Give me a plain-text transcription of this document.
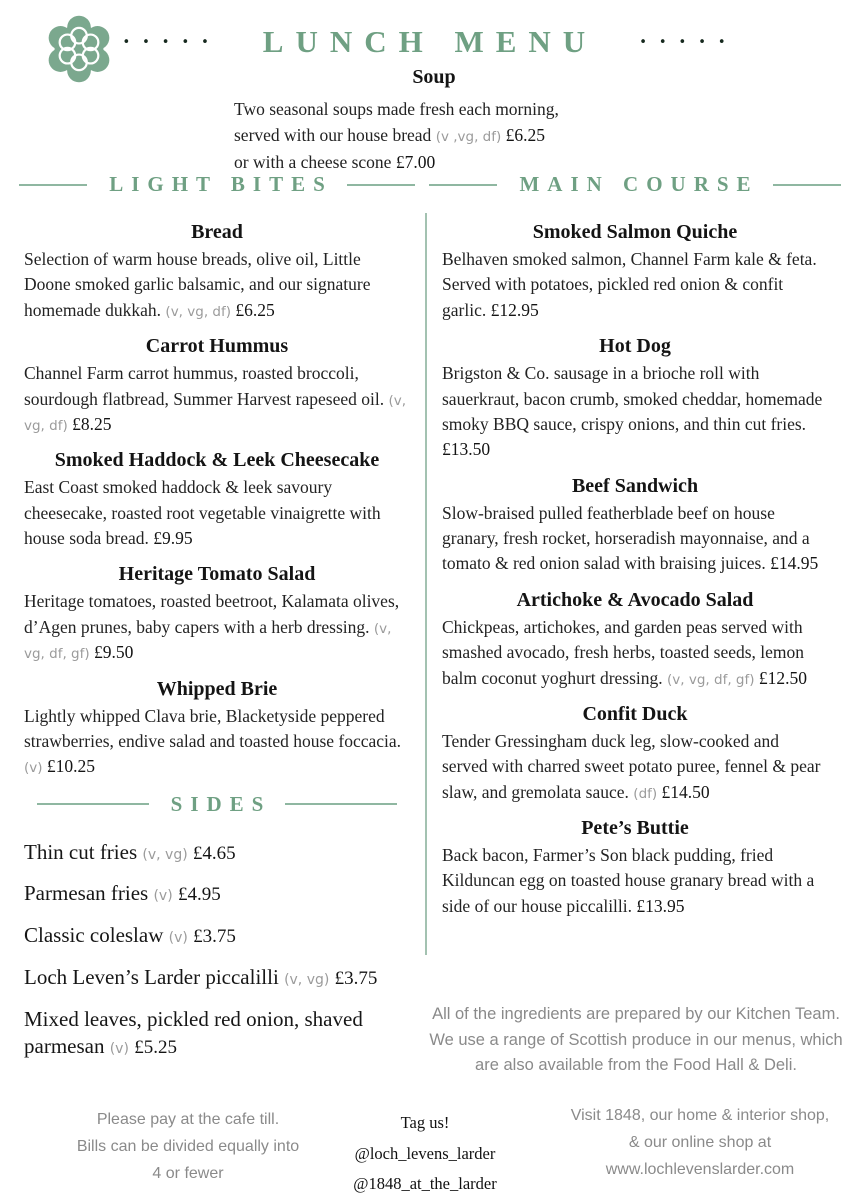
•••••	LUNCH MENU	•••••
Soup
Two seasonal soups made fresh each morning,
served with our house bread (v ,vg, df) £6.25
or with a cheese scone £7.00
LIGHT BITES
Bread

Selection of warm house breads, olive oil, Little Doone smoked garlic balsamic, and our signature homemade dukkah. (v, vg, df) £6.25

Carrot Hummus

Channel Farm carrot hummus, roasted broccoli, sourdough flatbread, Summer Harvest rapeseed oil. (v, vg, df) £8.25

Smoked Haddock & Leek Cheesecake

East Coast smoked haddock & leek savoury cheesecake, roasted root vegetable vinaigrette with house soda bread. £9.95

Heritage Tomato Salad

Heritage tomatoes, roasted beetroot, Kalamata olives, d’Agen prunes, baby capers with a herb dressing. (v, vg, df, gf) £9.50

Whipped Brie

Lightly whipped Clava brie, Blacketyside peppered strawberries, endive salad and toasted house foccacia. (v) £10.25

SIDES

Thin cut fries (v, vg) £4.65

Parmesan fries (v) £4.95

Classic coleslaw (v) £3.75

Loch Leven’s Larder piccalilli (v, vg) £3.75

Mixed leaves, pickled red onion, shaved parmesan (v) £5.25

MAIN COURSE
Smoked Salmon Quiche

Belhaven smoked salmon, Channel Farm kale & feta. Served with potatoes, pickled red onion & confit garlic. £12.95

Hot Dog

Brigston & Co. sausage in a brioche roll with sauerkraut, bacon crumb, smoked cheddar, homemade smoky BBQ sauce, crispy onions, and thin cut fries. £13.50

Beef Sandwich

Slow-braised pulled featherblade beef on house granary, fresh rocket, horseradish mayonnaise, and a tomato & red onion salad with braising juices. £14.95

Artichoke & Avocado Salad

Chickpeas, artichokes, and garden peas served with smashed avocado, fresh herbs, toasted seeds, lemon balm coconut yoghurt dressing. (v, vg, df, gf) £12.50

Confit Duck

Tender Gressingham duck leg, slow-cooked and served with charred sweet potato puree, fennel & pear slaw, and gremolata sauce. (df) £14.50

Pete’s Buttie

Back bacon, Farmer’s Son black pudding, fried Kilduncan egg on toasted house granary bread with a side of our house piccalilli. £13.95

All of the ingredients are prepared by our Kitchen Team. We use a range of Scottish produce in our menus, which are also available from the Food Hall & Deli.

Please pay at the cafe till.
Bills can be divided equally into
4 or fewer
Tag us!
@loch_levens_larder
@1848_at_the_larder
Visit 1848, our home & interior shop,
& our online shop at
www.lochlevenslarder.com
